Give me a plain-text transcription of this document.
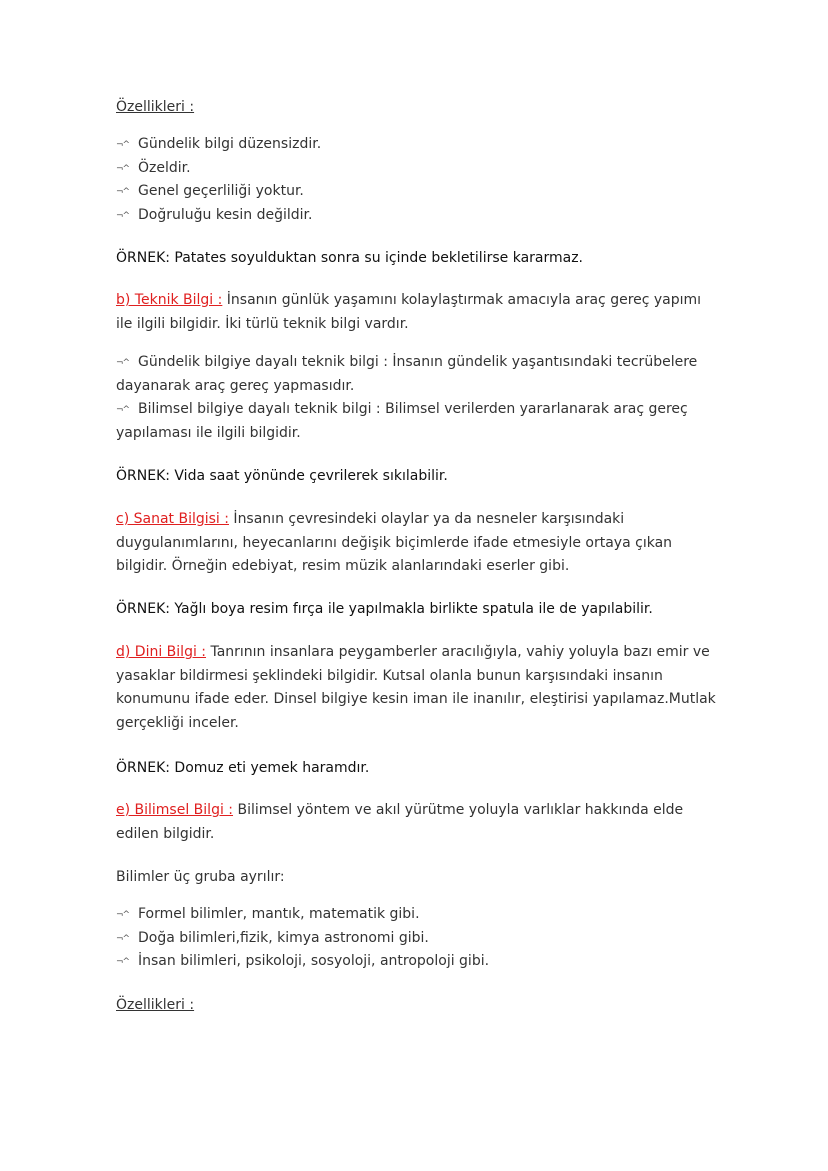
Özellikleri :
¬^ Gündelik bilgi düzensizdir.
¬^ Özeldir.
¬^ Genel geçerliliği yoktur.
¬^ Doğruluğu kesin değildir.
ÖRNEK: Patates soyulduktan sonra su içinde bekletilirse kararmaz.
b) Teknik Bilgi : İnsanın günlük yaşamını kolaylaştırmak amacıyla araç gereç yapımı ile ilgili bilgidir. İki türlü teknik bilgi vardır.
¬^ Gündelik bilgiye dayalı teknik bilgi : İnsanın gündelik yaşantısındaki tecrübelere dayanarak araç gereç yapmasıdır.
¬^ Bilimsel bilgiye dayalı teknik bilgi : Bilimsel verilerden yararlanarak araç gereç yapılaması ile ilgili bilgidir.
ÖRNEK: Vida saat yönünde çevrilerek sıkılabilir.
c) Sanat Bilgisi : İnsanın çevresindeki olaylar ya da nesneler karşısındaki duygulanımlarını, heyecanlarını değişik biçimlerde ifade etmesiyle ortaya çıkan bilgidir. Örneğin edebiyat, resim müzik alanlarındaki eserler gibi.
ÖRNEK: Yağlı boya resim fırça ile yapılmakla birlikte spatula ile de yapılabilir.
d) Dini Bilgi : Tanrının insanlara peygamberler aracılığıyla, vahiy yoluyla bazı emir ve yasaklar bildirmesi şeklindeki bilgidir. Kutsal olanla bunun karşısındaki insanın konumunu ifade eder. Dinsel bilgiye kesin iman ile inanılır, eleştirisi yapılamaz.Mutlak gerçekliği inceler.
ÖRNEK: Domuz eti yemek haramdır.
e) Bilimsel Bilgi : Bilimsel yöntem ve akıl yürütme yoluyla varlıklar hakkında elde edilen bilgidir.
Bilimler üç gruba ayrılır:
¬^ Formel bilimler, mantık, matematik gibi.
¬^ Doğa bilimleri,fizik, kimya astronomi gibi.
¬^ İnsan bilimleri, psikoloji, sosyoloji, antropoloji gibi.
Özellikleri :
